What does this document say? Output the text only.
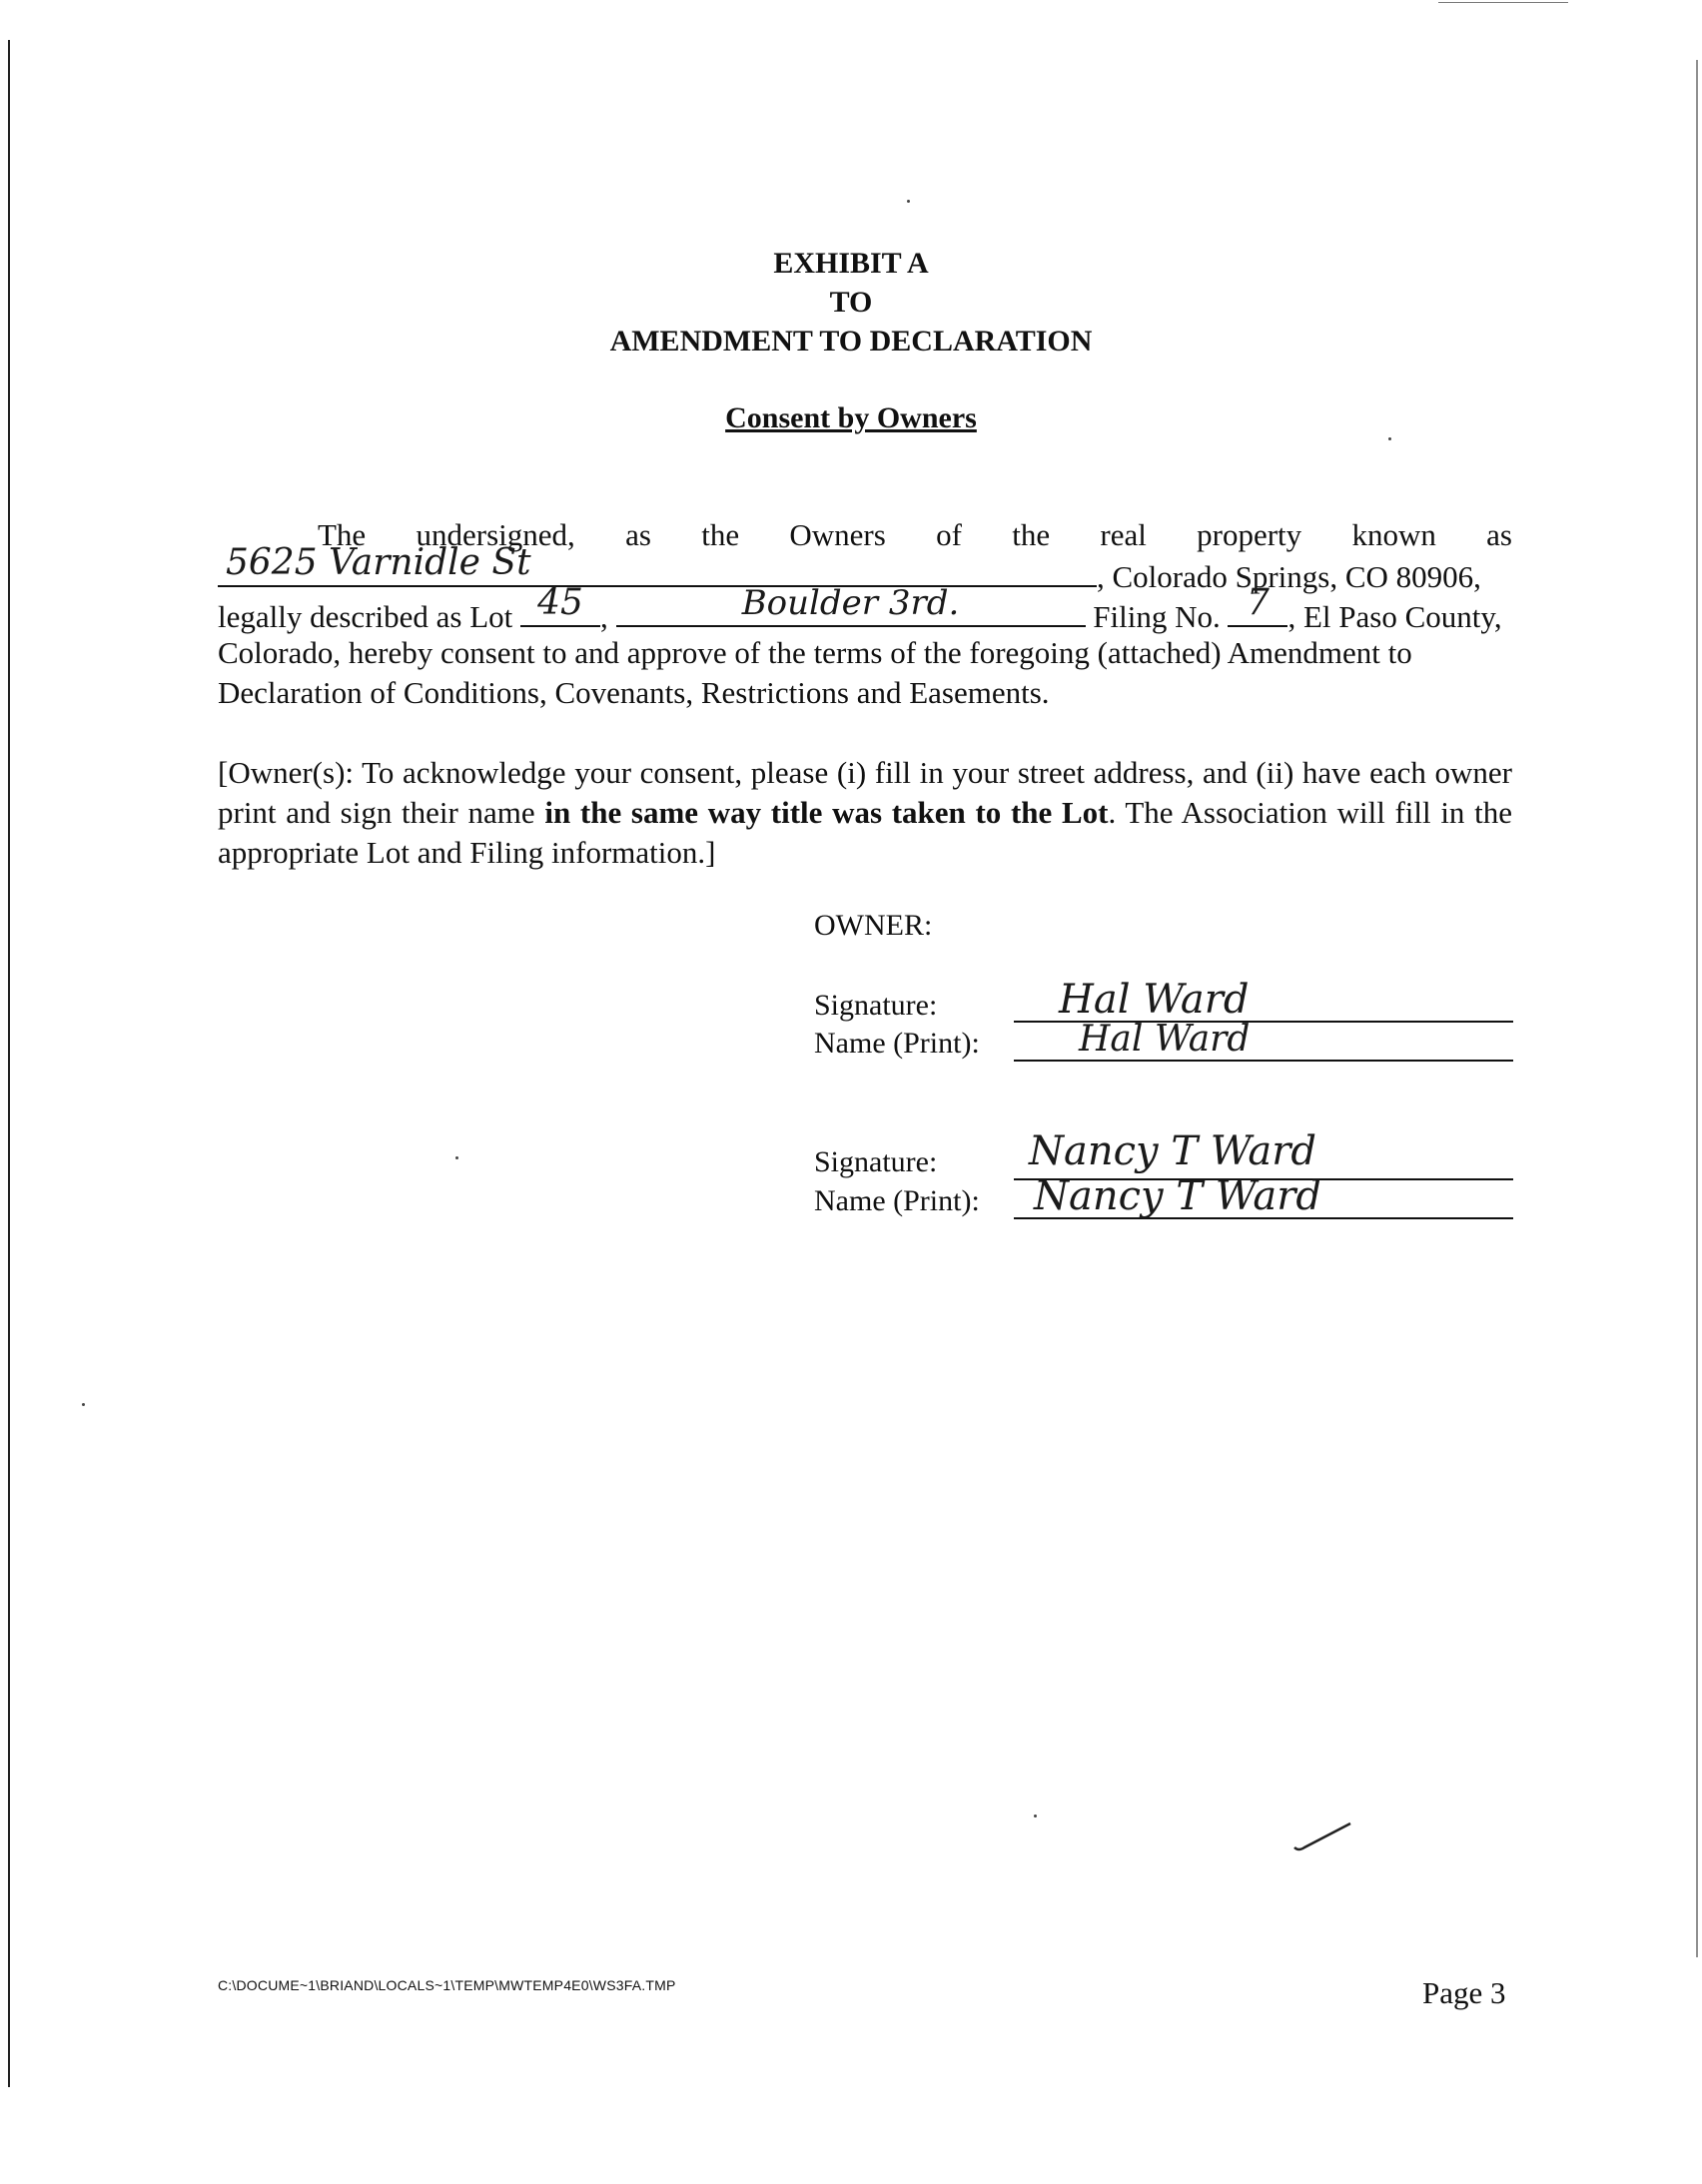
EXHIBIT A
TO
AMENDMENT TO DECLARATION
Consent by Owners
The undersigned, as the Owners of the real property known as
5625 Varnidle St	, Colorado Springs, CO 80906,
legally described as Lot 45 ,	Boulder 3rd.	Filing No. 7 , El Paso County,
Colorado, hereby consent to and approve of the terms of the foregoing (attached) Amendment to
Declaration of Conditions, Covenants, Restrictions and Easements.
[Owner(s): To acknowledge your consent, please (i) fill in your street address, and (ii) have each owner print and sign their name in the same way title was taken to the Lot. The Association will fill in the appropriate Lot and Filing information.]
OWNER:
Signature:	Hal Ward
Name (Print):	Hal Ward
Signature: Nancy T Ward
Name (Print): Nancy T Ward
C:\DOCUME~1\BRIAND\LOCALS~1\TEMP\MWTEMP4E0\WS3FA.TMP	Page 3
